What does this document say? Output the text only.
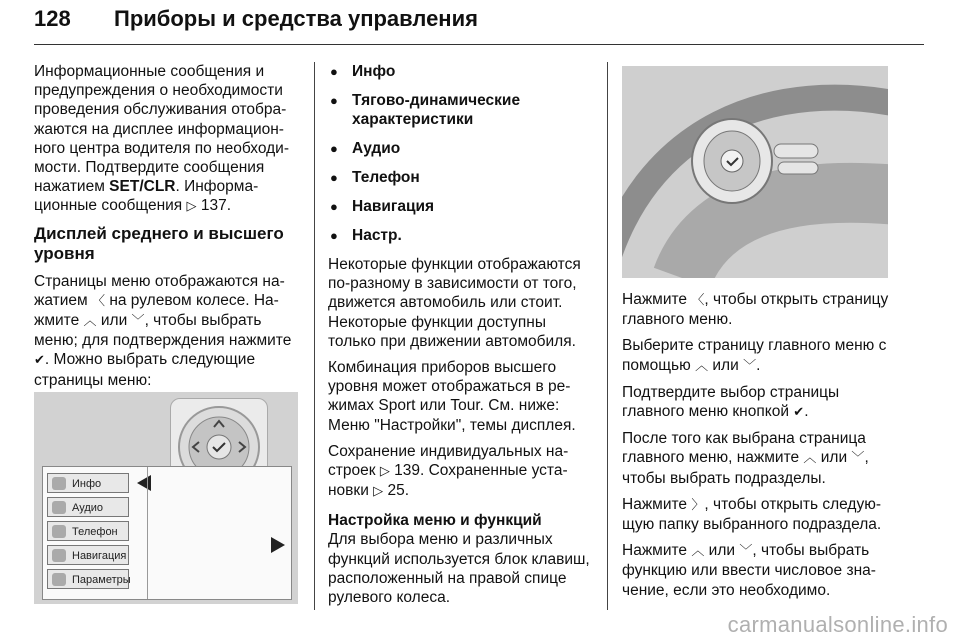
128 Приборы и средства управления

Информационные сообщения и предупреждения о необходимости проведения обслуживания отображаются на дисплее информационного центра водителя по необходимости. Подтвердите сообщения нажатием SET/CLR. Информационные сообщения ▷ 137.

Дисплей среднего и высшего уровня

Страницы меню отображаются нажатием 〈 на рулевом колесе. Нажмите ︿ или ﹀, чтобы выбрать меню; для подтверждения нажмите ✔. Можно выбрать следующие страницы меню:

Инфо
Аудио
Телефон
Навигация
Параметры
● Инфо
● Тягово-динамические характеристики
● Аудио
● Телефон
● Навигация
● Настр.

Некоторые функции отображаются по-разному в зависимости от того, движется автомобиль или стоит. Некоторые функции доступны только при движении автомобиля.

Комбинация приборов высшего уровня может отображаться в режимах Sport или Tour. См. ниже: Меню "Настройки", темы дисплея.

Сохранение индивидуальных настроек ▷ 139. Сохраненные установки ▷ 25.

Настройка меню и функций

Для выбора меню и различных функций используется блок клавиш, расположенный на правой спице рулевого колеса.

Нажмите 〈, чтобы открыть страницу главного меню.

Выберите страницу главного меню с помощью ︿ или ﹀.

Подтвердите выбор страницы главного меню кнопкой ✔.

После того как выбрана страница главного меню, нажмите ︿ или ﹀, чтобы выбрать подразделы.

Нажмите 〉, чтобы открыть следующую папку выбранного подраздела.

Нажмите ︿ или ﹀, чтобы выбрать функцию или ввести числовое значение, если это необходимо.

carmanualsonline.info
